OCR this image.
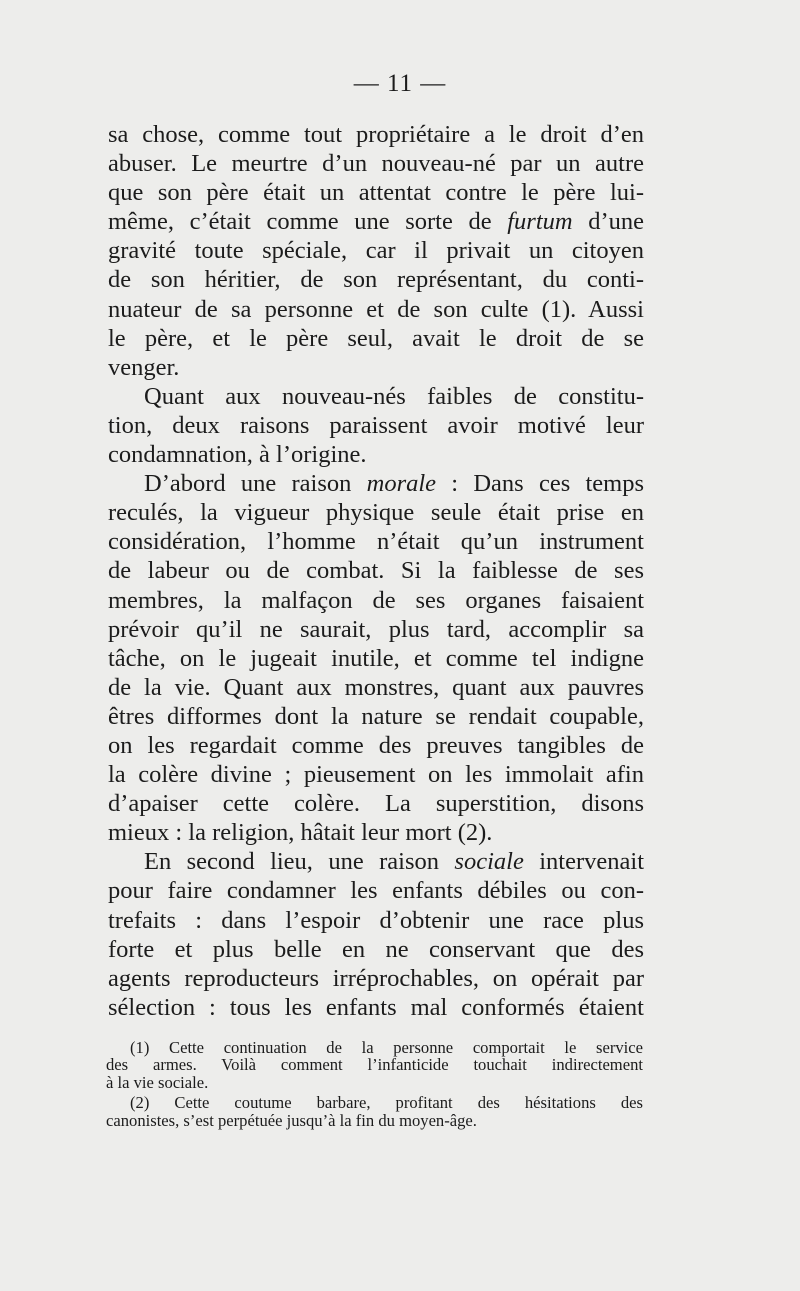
— 11 —
sa chose, comme tout propriétaire a le droit d’en
abuser. Le meurtre d’un nouveau-né par un autre
que son père était un attentat contre le père lui-
même, c’était comme une sorte de furtum d’une
gravité toute spéciale, car il privait un citoyen
de son héritier, de son représentant, du conti-
nuateur de sa personne et de son culte (1). Aussi
le père, et le père seul, avait le droit de se
venger.
Quant aux nouveau-nés faibles de constitu-
tion, deux raisons paraissent avoir motivé leur
condamnation, à l’origine.
D’abord une raison morale : Dans ces temps
reculés, la vigueur physique seule était prise en
considération, l’homme n’était qu’un instrument
de labeur ou de combat. Si la faiblesse de ses
membres, la malfaçon de ses organes faisaient
prévoir qu’il ne saurait, plus tard, accomplir sa
tâche, on le jugeait inutile, et comme tel indigne
de la vie. Quant aux monstres, quant aux pauvres
êtres difformes dont la nature se rendait coupable,
on les regardait comme des preuves tangibles de
la colère divine ; pieusement on les immolait afin
d’apaiser cette colère. La superstition, disons
mieux : la religion, hâtait leur mort (2).
En second lieu, une raison sociale intervenait
pour faire condamner les enfants débiles ou con-
trefaits : dans l’espoir d’obtenir une race plus
forte et plus belle en ne conservant que des
agents reproducteurs irréprochables, on opérait par
sélection : tous les enfants mal conformés étaient
(1) Cette continuation de la personne comportait le service
des armes. Voilà comment l’infanticide touchait indirectement
à la vie sociale.
(2) Cette coutume barbare, profitant des hésitations des
canonistes, s’est perpétuée jusqu’à la fin du moyen-âge.
